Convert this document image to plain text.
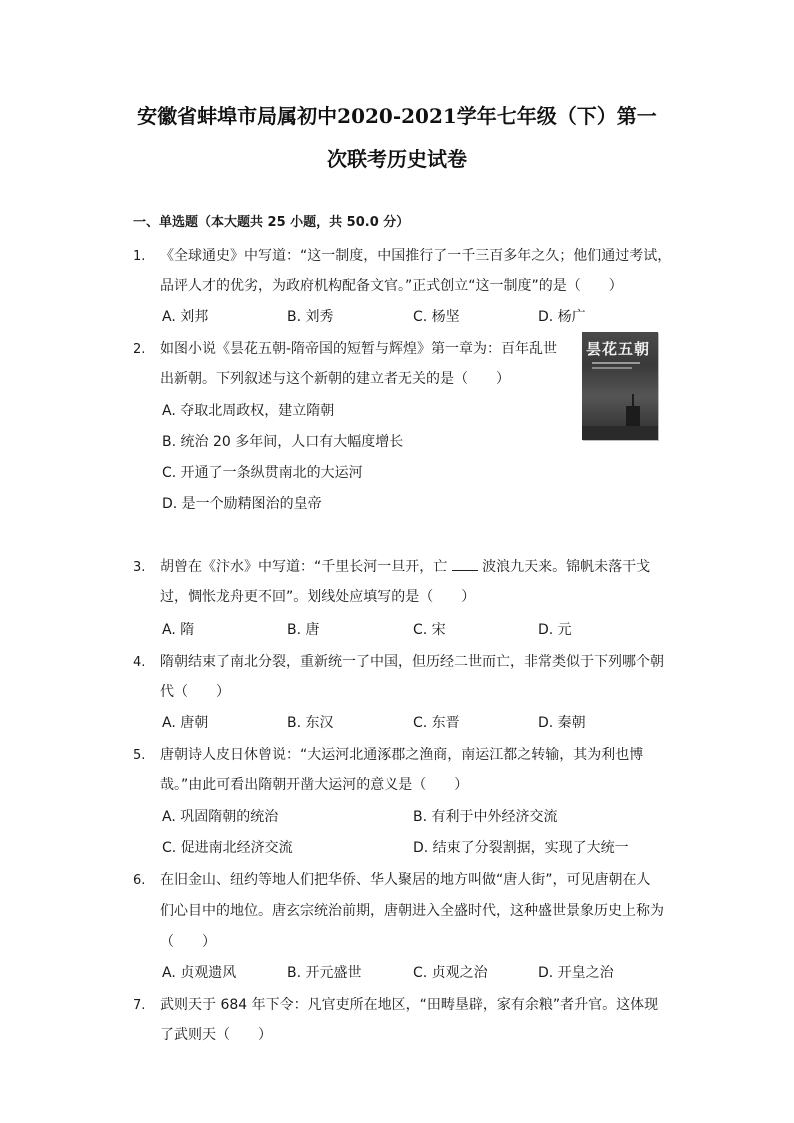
安徽省蚌埠市局属初中2020-2021学年七年级（下）第一
次联考历史试卷
一、单选题（本大题共 25 小题，共 50.0 分）
1. 《全球通史》中写道：“这一制度，中国推行了一千三百多年之久；他们通过考试，
品评人才的优劣，为政府机构配备文官。”正式创立“这一制度”的是（　　）
A. 刘邦	B. 刘秀	C. 杨坚	D. 杨广
2. 如图小说《昙花五朝-隋帝国的短暂与辉煌》第一章为：百年乱世
出新朝。下列叙述与这个新朝的建立者无关的是（　　）
A. 夺取北周政权，建立隋朝
B. 统治 20 多年间，人口有大幅度增长
C. 开通了一条纵贯南北的大运河
D. 是一个励精图治的皇帝
昙花五朝
3. 胡曾在《汴水》中写道：“千里长河一旦开，亡 波浪九天来。锦帆未落干戈
过，惆怅龙舟更不回”。划线处应填写的是（　　）
A. 隋	B. 唐	C. 宋	D. 元
4. 隋朝结束了南北分裂，重新统一了中国，但历经二世而亡，非常类似于下列哪个朝
代（　　）
A. 唐朝	B. 东汉	C. 东晋	D. 秦朝
5. 唐朝诗人皮日休曾说：“大运河北通涿郡之渔商，南运江都之转输，其为利也博
哉。”由此可看出隋朝开凿大运河的意义是（　　）
A. 巩固隋朝的统治	B. 有利于中外经济交流
C. 促进南北经济交流	D. 结束了分裂割据，实现了大统一
6. 在旧金山、纽约等地人们把华侨、华人聚居的地方叫做“唐人街”，可见唐朝在人
们心目中的地位。唐玄宗统治前期，唐朝进入全盛时代，这种盛世景象历史上称为
（　　）
A. 贞观遗风	B. 开元盛世	C. 贞观之治	D. 开皇之治
7. 武则天于 684 年下令：凡官吏所在地区，“田畴垦辟，家有余粮”者升官。这体现
了武则天（　　）
